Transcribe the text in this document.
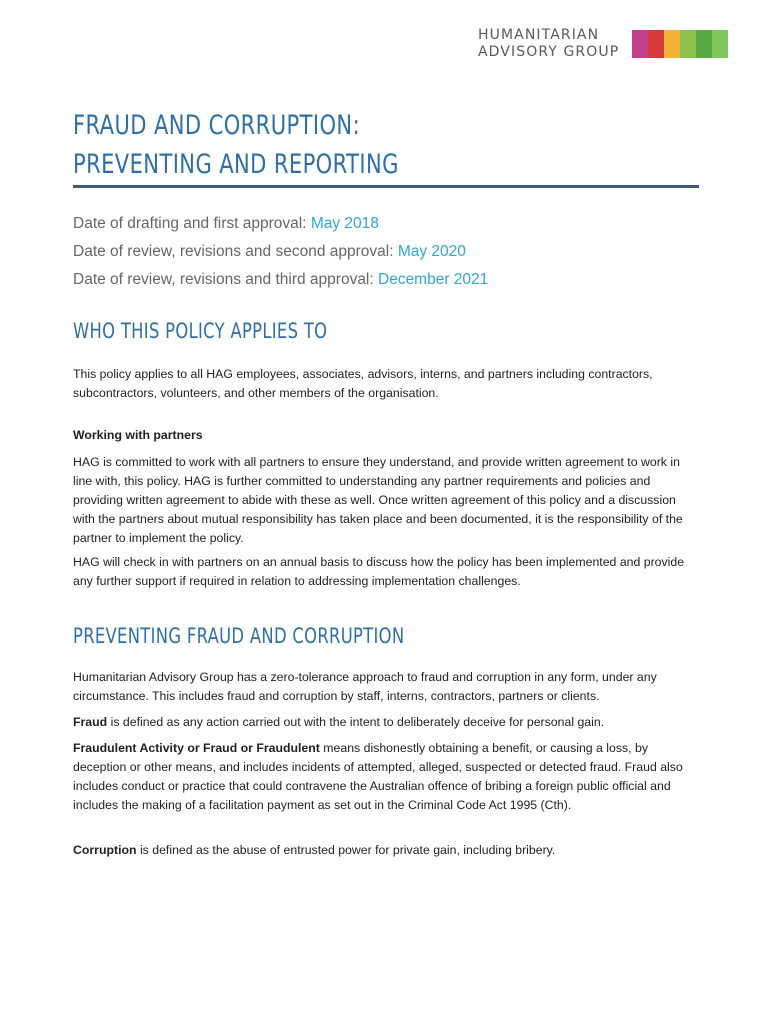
HUMANITARIAN
ADVISORY GROUP
FRAUD AND CORRUPTION:
PREVENTING AND REPORTING
Date of drafting and first approval: May 2018
Date of review, revisions and second approval: May 2020
Date of review, revisions and third approval: December 2021
WHO THIS POLICY APPLIES TO
This policy applies to all HAG employees, associates, advisors, interns, and partners including contractors, subcontractors, volunteers, and other members of the organisation.
Working with partners
HAG is committed to work with all partners to ensure they understand, and provide written agreement to work in line with, this policy. HAG is further committed to understanding any partner requirements and policies and providing written agreement to abide with these as well. Once written agreement of this policy and a discussion with the partners about mutual responsibility has taken place and been documented, it is the responsibility of the partner to implement the policy.
HAG will check in with partners on an annual basis to discuss how the policy has been implemented and provide any further support if required in relation to addressing implementation challenges.
PREVENTING FRAUD AND CORRUPTION
Humanitarian Advisory Group has a zero-tolerance approach to fraud and corruption in any form, under any circumstance. This includes fraud and corruption by staff, interns, contractors, partners or clients.
Fraud is defined as any action carried out with the intent to deliberately deceive for personal gain.
Fraudulent Activity or Fraud or Fraudulent means dishonestly obtaining a benefit, or causing a loss, by deception or other means, and includes incidents of attempted, alleged, suspected or detected fraud. Fraud also includes conduct or practice that could contravene the Australian offence of bribing a foreign public official and includes the making of a facilitation payment as set out in the Criminal Code Act 1995 (Cth).
Corruption is defined as the abuse of entrusted power for private gain, including bribery.
